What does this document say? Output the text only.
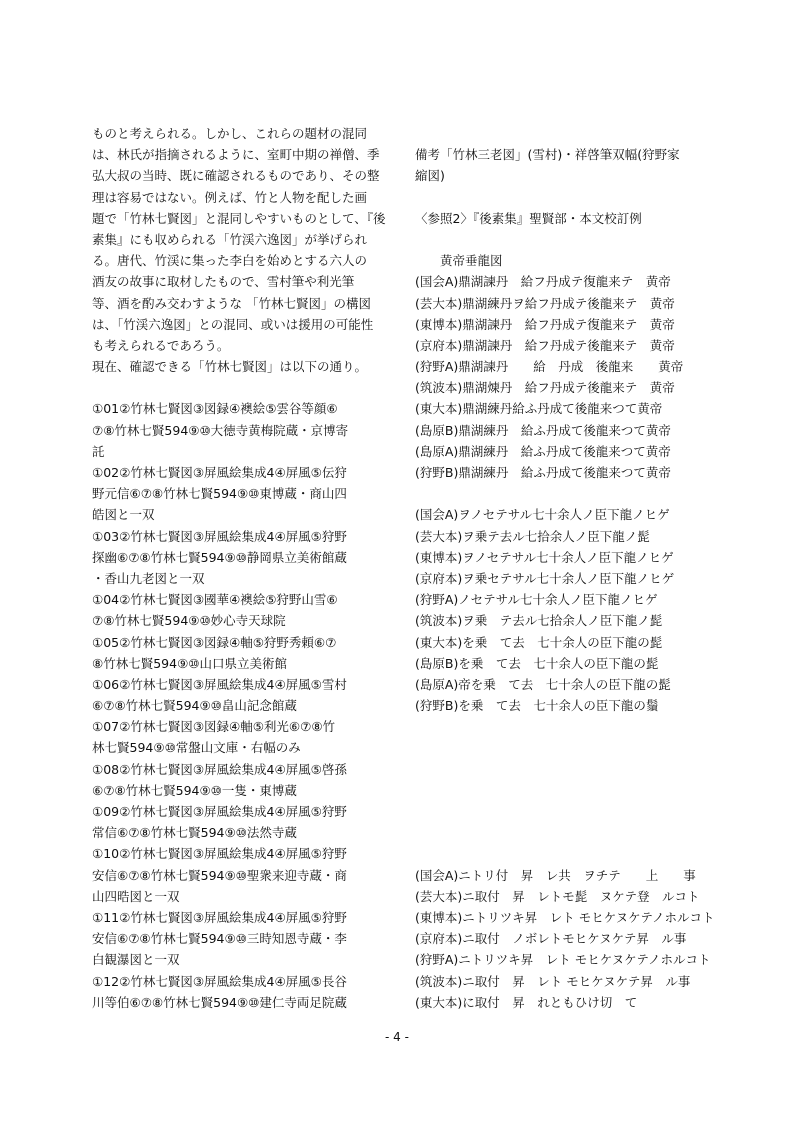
ものと考えられる。しかし、これらの題材の混同
は、林氏が指摘されるように、室町中期の禅僧、季
弘大叔の当時、既に確認されるものであり、その整
理は容易ではない。例えば、竹と人物を配した画
題で「竹林七賢図」と混同しやすいものとして、『後
素集』にも収められる「竹渓六逸図」が挙げられ
る。唐代、竹渓に集った李白を始めとする六人の
酒友の故事に取材したもので、雪村筆や利光筆
等、酒を酌み交わすような 「竹林七賢図」の構図
は、「竹渓六逸図」との混同、或いは援用の可能性
も考えられるであろう。
現在、確認できる「竹林七賢図」は以下の通り。
①01②竹林七賢図③図録④襖絵⑤雲谷等顔⑥
⑦⑧竹林七賢594⑨⑩大徳寺黄梅院蔵・京博寄
託
①02②竹林七賢図③屏風絵集成4④屏風⑤伝狩
野元信⑥⑦⑧竹林七賢594⑨⑩東博蔵・商山四
皓図と一双
①03②竹林七賢図③屏風絵集成4④屏風⑤狩野
探幽⑥⑦⑧竹林七賢594⑨⑩静岡県立美術館蔵
・香山九老図と一双
①04②竹林七賢図③國華④襖絵⑤狩野山雪⑥
⑦⑧竹林七賢594⑨⑩妙心寺天球院
①05②竹林七賢図③図録④軸⑤狩野秀頼⑥⑦
⑧竹林七賢594⑨⑩山口県立美術館
①06②竹林七賢図③屏風絵集成4④屏風⑤雪村
⑥⑦⑧竹林七賢594⑨⑩畠山記念館蔵
①07②竹林七賢図③図録④軸⑤利光⑥⑦⑧竹
林七賢594⑨⑩常盤山文庫・右幅のみ
①08②竹林七賢図③屏風絵集成4④屏風⑤啓孫
⑥⑦⑧竹林七賢594⑨⑩一隻・東博蔵
①09②竹林七賢図③屏風絵集成4④屏風⑤狩野
常信⑥⑦⑧竹林七賢594⑨⑩法然寺蔵
①10②竹林七賢図③屏風絵集成4④屏風⑤狩野
安信⑥⑦⑧竹林七賢594⑨⑩聖衆来迎寺蔵・商
山四晧図と一双
①11②竹林七賢図③屏風絵集成4④屏風⑤狩野
安信⑥⑦⑧竹林七賢594⑨⑩三時知恩寺蔵・李
白観瀑図と一双
①12②竹林七賢図③屏風絵集成4④屏風⑤長谷
川等伯⑥⑦⑧竹林七賢594⑨⑩建仁寺両足院蔵
備考「竹林三老図」(雪村)・祥啓筆双幅(狩野家
縮図)
〈参照2〉『後素集』聖賢部・本文校訂例
　　黄帝垂龍図
(国会A)鼎湖諫丹　給フ丹成テ復龍来テ　黄帝
(芸大本)鼎湖練丹ヲ給フ丹成テ後龍来テ　黄帝
(東博本)鼎湖諫丹　給フ丹成テ復龍来テ　黄帝
(京府本)鼎湖諫丹　給フ丹成テ後龍来テ　黄帝
(狩野A)鼎湖諫丹　　給　丹成　後龍来　　黄帝
(筑波本)鼎湖煉丹　給フ丹成テ後龍来テ　黄帝
(東大本)鼎湖練丹給ふ丹成て後龍来つて黄帝
(島原B)鼎湖練丹　給ふ丹成て後龍来つて黄帝
(島原A)鼎湖練丹　給ふ丹成て後龍来つて黄帝
(狩野B)鼎湖練丹　給ふ丹成て後龍来つて黄帝
(国会A)ヲノセテサル七十余人ノ臣下龍ノヒゲ
(芸大本)ヲ乗テ去ル七拾余人ノ臣下龍ノ髭
(東博本)ヲノセテサル七十余人ノ臣下龍ノヒゲ
(京府本)ヲ乗セテサル七十余人ノ臣下龍ノヒゲ
(狩野A)ノセテサル七十余人ノ臣下龍ノヒゲ
(筑波本)ヲ乗　テ去ル七拾余人ノ臣下龍ノ髭
(東大本)を乗　て去　七十余人の臣下龍の髭
(島原B)を乗　て去　七十余人の臣下龍の髭
(島原A)帝を乗　て去　七十余人の臣下龍の髭
(狩野B)を乗　て去　七十余人の臣下龍の鬚
(国会A)ニトリ付　昇　レ共　ヲチテ　　上　　事
(芸大本)ニ取付　昇　レトモ髭　ヌケテ登　ルコト
(東博本)ニトリツキ昇　レト モヒケヌケテノホルコト
(京府本)ニ取付　ノボレトモヒケヌケテ昇　ル事
(狩野A)ニトリツキ昇　レト モヒケヌケテノホルコト
(筑波本)ニ取付　昇　レト モヒケヌケテ昇　ル事
(東大本)に取付　昇　れともひけ切　て
- 4 -
